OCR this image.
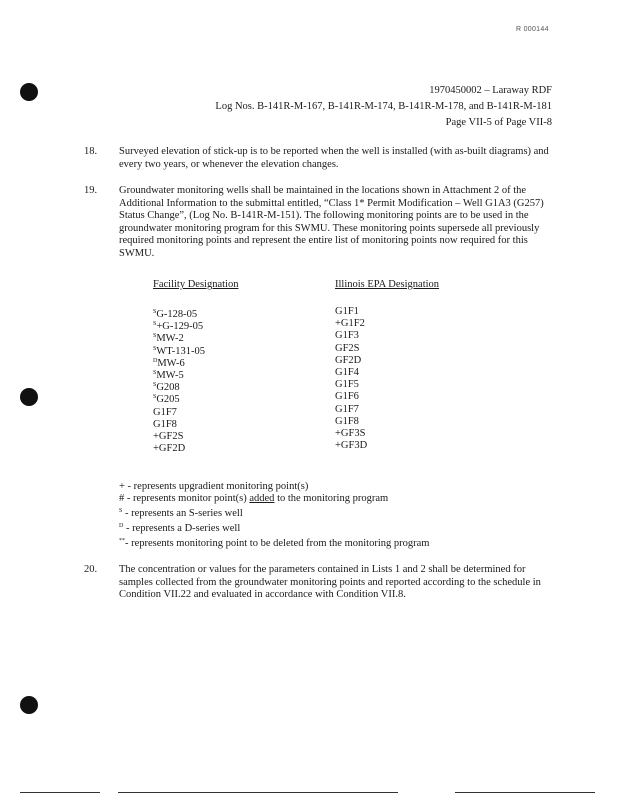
R 000144
1970450002 – Laraway RDF
Log Nos. B-141R-M-167, B-141R-M-174, B-141R-M-178, and B-141R-M-181
Page VII-5 of Page VII-8
18. Surveyed elevation of stick-up is to be reported when the well is installed (with as-built diagrams) and every two years, or whenever the elevation changes.
19. Groundwater monitoring wells shall be maintained in the locations shown in Attachment 2 of the Additional Information to the submittal entitled, “Class 1* Permit Modification – Well G1A3 (G257) Status Change”, (Log No. B-141R-M-151). The following monitoring points are to be used in the groundwater monitoring program for this SWMU. These monitoring points supersede all previously required monitoring points and represent the entire list of monitoring points now required for this SWMU.
Facility Designation	Illinois EPA Designation
$^S$G-128-05
$^S$+G-129-05
$^S$MW-2
$^S$WT-131-05
$^D$MW-6
$^S$MW-5
$^S$G208
$^S$G205
G1F7
G1F8
+GF2S
+GF2D
G1F1
+G1F2
G1F3
GF2S
GF2D
G1F4
G1F5
G1F6
G1F7
G1F8
+GF3S
+GF3D
+ - represents upgradient monitoring point(s)
# - represents monitor point(s) added to the monitoring program
$^S$ - represents an S-series well
$^D$ - represents a D-series well
**- represents monitoring point to be deleted from the monitoring program
20. The concentration or values for the parameters contained in Lists 1 and 2 shall be determined for samples collected from the groundwater monitoring points and reported according to the schedule in Condition VII.22 and evaluated in accordance with Condition VII.8.
